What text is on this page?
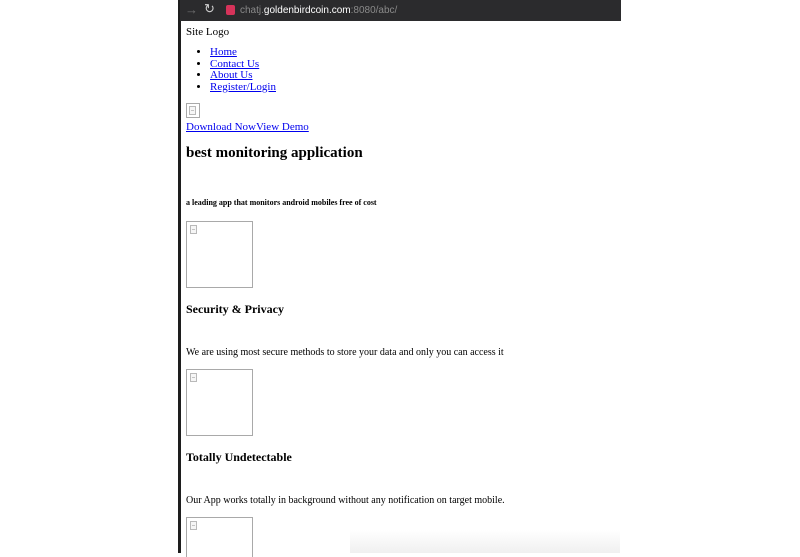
→ ↻	chatj.goldenbirdcoin.com:8080/abc/
Site Logo
• Home
• Contact Us
• About Us
• Register/Login
Download NowView Demo
best monitoring application
a leading app that monitors android mobiles free of cost
Security & Privacy

We are using most secure methods to store your data and only you can access it

Totally Undetectable

Our App works totally in background without any notification on target mobile.
